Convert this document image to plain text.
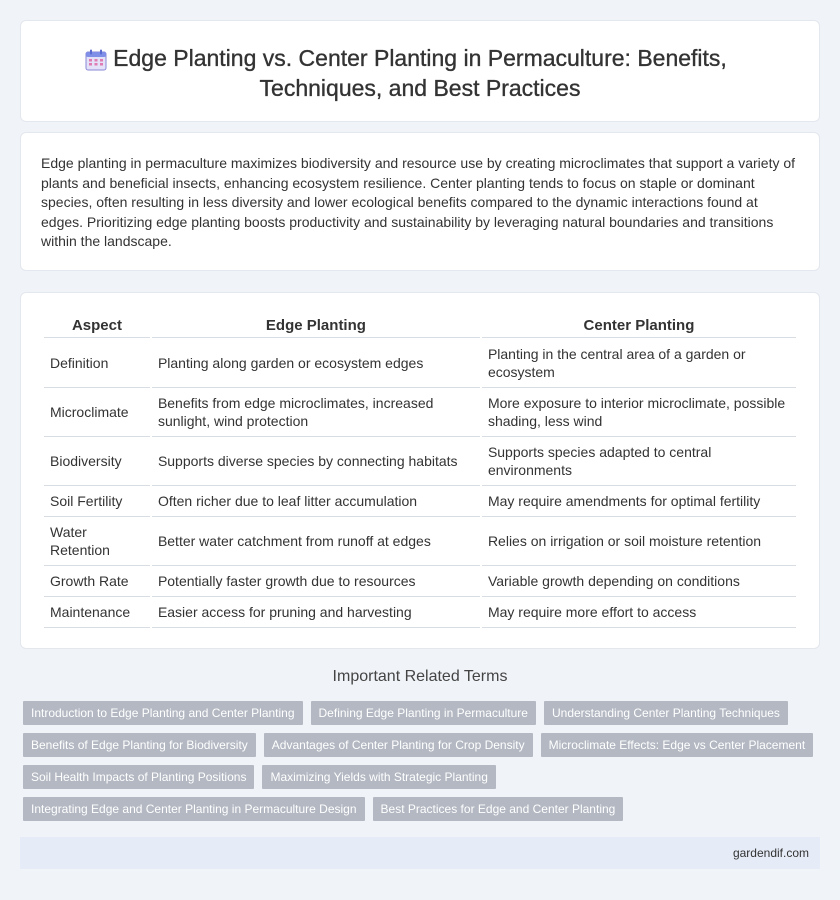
Edge Planting vs. Center Planting in Permaculture: Benefits, Techniques, and Best Practices

Edge planting in permaculture maximizes biodiversity and resource use by creating microclimates that support a variety of plants and beneficial insects, enhancing ecosystem resilience. Center planting tends to focus on staple or dominant species, often resulting in less diversity and lower ecological benefits compared to the dynamic interactions found at edges. Prioritizing edge planting boosts productivity and sustainability by leveraging natural boundaries and transitions within the landscape.

Aspect	Edge Planting	Center Planting
Definition	Planting along garden or ecosystem edges	Planting in the central area of a garden or ecosystem
Microclimate	Benefits from edge microclimates, increased sunlight, wind protection	More exposure to interior microclimate, possible shading, less wind
Biodiversity	Supports diverse species by connecting habitats	Supports species adapted to central environments
Soil Fertility	Often richer due to leaf litter accumulation	May require amendments for optimal fertility
Water Retention	Better water catchment from runoff at edges	Relies on irrigation or soil moisture retention
Growth Rate	Potentially faster growth due to resources	Variable growth depending on conditions
Maintenance	Easier access for pruning and harvesting	May require more effort to access
Important Related Terms
Introduction to Edge Planting and Center Planting	Defining Edge Planting in Permaculture	Understanding Center Planting Techniques
Benefits of Edge Planting for Biodiversity	Advantages of Center Planting for Crop Density	Microclimate Effects: Edge vs Center Placement
Soil Health Impacts of Planting Positions	Maximizing Yields with Strategic Planting
Integrating Edge and Center Planting in Permaculture Design	Best Practices for Edge and Center Planting
gardendif.com
